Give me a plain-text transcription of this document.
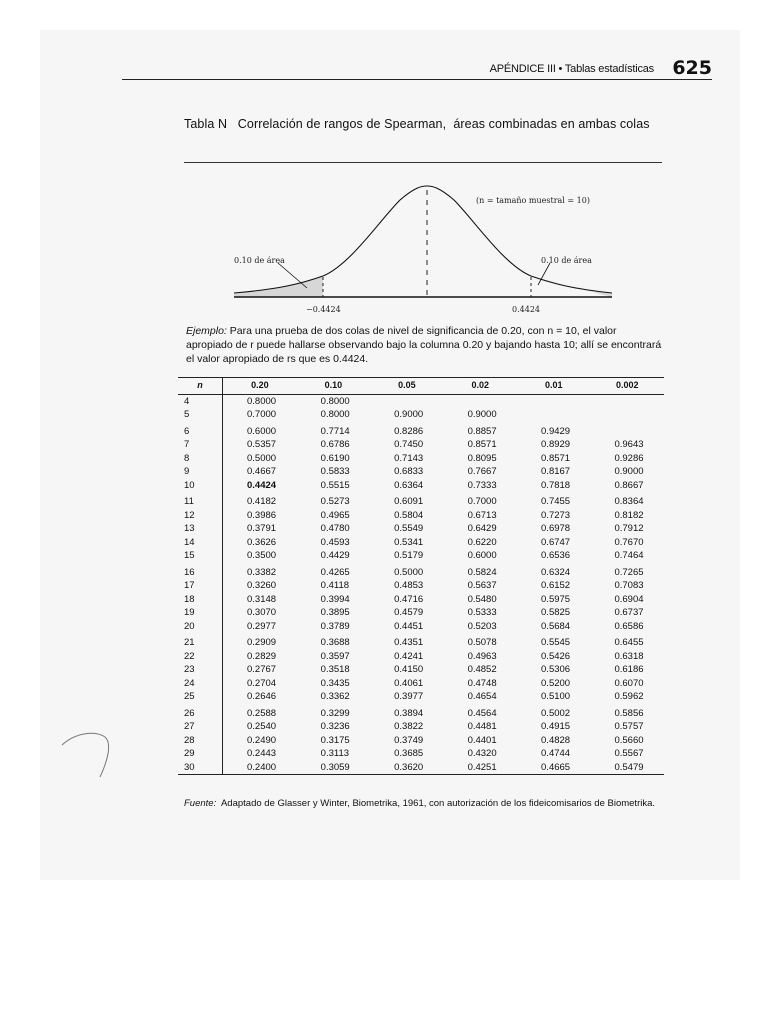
APÉNDICE III • Tablas estadísticas 625
Tabla N   Correlación de rangos de Spearman,  áreas combinadas en ambas colas
(n = tamaño muestral = 10)
0.10 de área	0.10 de área
−0.4424	0.4424
Ejemplo: Para una prueba de dos colas de nivel de significancia de 0.20, con n = 10, el valor apropiado de r puede hallarse observando bajo la columna 0.20 y bajando hasta 10; allí se encontrará el valor apropiado de rs que es 0.4424.
n	0.20	0.10	0.05	0.02	0.01	0.002
4	0.8000	0.8000				
5	0.7000	0.8000	0.9000	0.9000		
6	0.6000	0.7714	0.8286	0.8857	0.9429	
7	0.5357	0.6786	0.7450	0.8571	0.8929	0.9643
8	0.5000	0.6190	0.7143	0.8095	0.8571	0.9286
9	0.4667	0.5833	0.6833	0.7667	0.8167	0.9000
10	0.4424	0.5515	0.6364	0.7333	0.7818	0.8667
11	0.4182	0.5273	0.6091	0.7000	0.7455	0.8364
12	0.3986	0.4965	0.5804	0.6713	0.7273	0.8182
13	0.3791	0.4780	0.5549	0.6429	0.6978	0.7912
14	0.3626	0.4593	0.5341	0.6220	0.6747	0.7670
15	0.3500	0.4429	0.5179	0.6000	0.6536	0.7464
16	0.3382	0.4265	0.5000	0.5824	0.6324	0.7265
17	0.3260	0.4118	0.4853	0.5637	0.6152	0.7083
18	0.3148	0.3994	0.4716	0.5480	0.5975	0.6904
19	0.3070	0.3895	0.4579	0.5333	0.5825	0.6737
20	0.2977	0.3789	0.4451	0.5203	0.5684	0.6586
21	0.2909	0.3688	0.4351	0.5078	0.5545	0.6455
22	0.2829	0.3597	0.4241	0.4963	0.5426	0.6318
23	0.2767	0.3518	0.4150	0.4852	0.5306	0.6186
24	0.2704	0.3435	0.4061	0.4748	0.5200	0.6070
25	0.2646	0.3362	0.3977	0.4654	0.5100	0.5962
26	0.2588	0.3299	0.3894	0.4564	0.5002	0.5856
27	0.2540	0.3236	0.3822	0.4481	0.4915	0.5757
28	0.2490	0.3175	0.3749	0.4401	0.4828	0.5660
29	0.2443	0.3113	0.3685	0.4320	0.4744	0.5567
30	0.2400	0.3059	0.3620	0.4251	0.4665	0.5479
Fuente:  Adaptado de Glasser y Winter, Biometrika, 1961, con autorización de los fideicomisarios de Biometrika.
